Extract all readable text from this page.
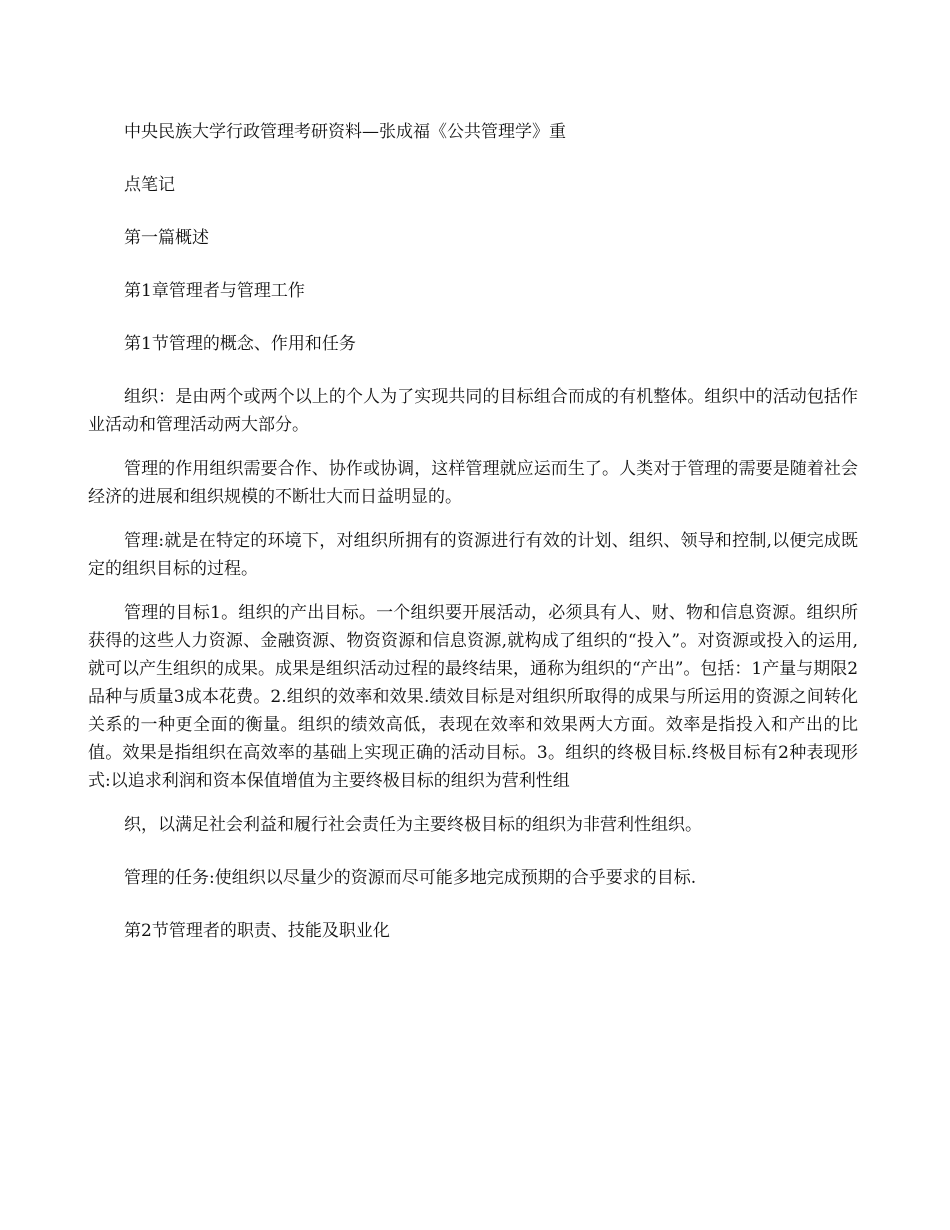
中央民族大学行政管理考研资料—张成福《公共管理学》重

点笔记

第一篇概述

第1章管理者与管理工作

第1节管理的概念、作用和任务

组织：是由两个或两个以上的个人为了实现共同的目标组合而成的有机整体。组织中的活动包括作业活动和管理活动两大部分。

管理的作用组织需要合作、协作或协调，这样管理就应运而生了。人类对于管理的需要是随着社会经济的进展和组织规模的不断壮大而日益明显的。

管理:就是在特定的环境下，对组织所拥有的资源进行有效的计划、组织、领导和控制,以便完成既定的组织目标的过程。

管理的目标1。组织的产出目标。一个组织要开展活动，必须具有人、财、物和信息资源。组织所获得的这些人力资源、金融资源、物资资源和信息资源,就构成了组织的“投入”。对资源或投入的运用,就可以产生组织的成果。成果是组织活动过程的最终结果，通称为组织的“产出”。包括：1产量与期限2品种与质量3成本花费。2.组织的效率和效果.绩效目标是对组织所取得的成果与所运用的资源之间转化关系的一种更全面的衡量。组织的绩效高低，表现在效率和效果两大方面。效率是指投入和产出的比值。效果是指组织在高效率的基础上实现正确的活动目标。3。组织的终极目标.终极目标有2种表现形式:以追求利润和资本保值增值为主要终极目标的组织为营利性组

织，以满足社会利益和履行社会责任为主要终极目标的组织为非营利性组织。

管理的任务:使组织以尽量少的资源而尽可能多地完成预期的合乎要求的目标.

第2节管理者的职责、技能及职业化
